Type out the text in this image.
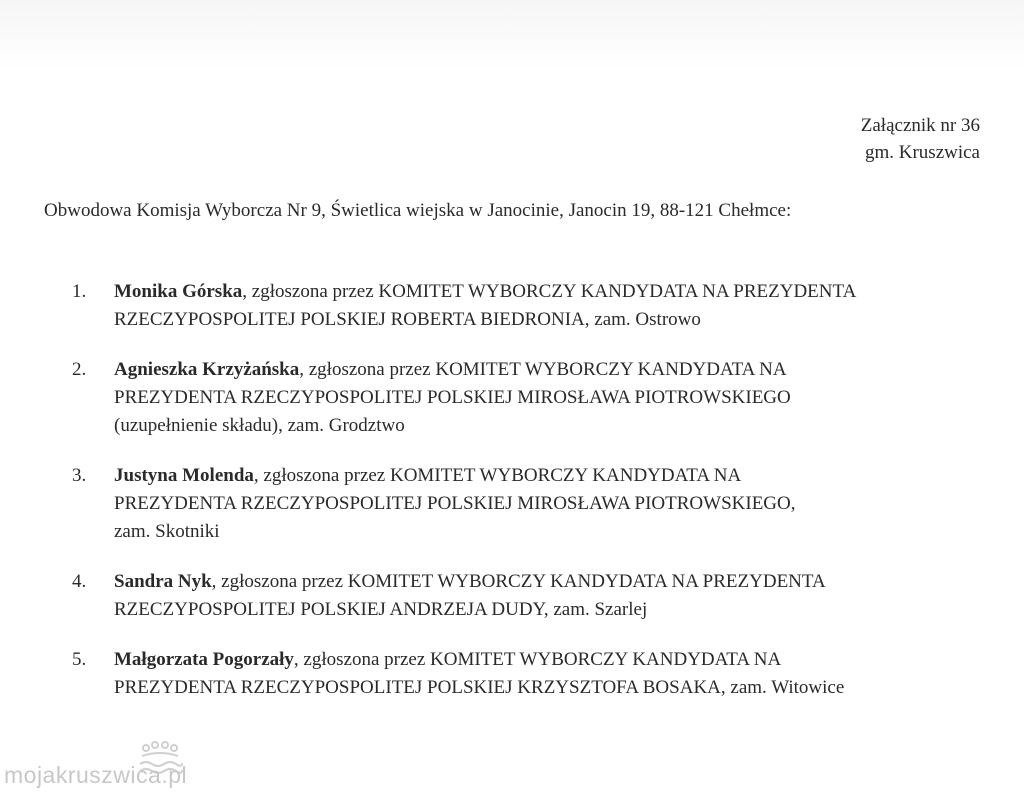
Załącznik nr 36
gm. Kruszwica
Obwodowa Komisja Wyborcza Nr 9, Świetlica wiejska w Janocinie, Janocin 19, 88-121 Chełmce:
1.	Monika Górska, zgłoszona przez KOMITET WYBORCZY KANDYDATA NA PREZYDENTA
RZECZYPOSPOLITEJ POLSKIEJ ROBERTA BIEDRONIA, zam. Ostrowo
2.	Agnieszka Krzyżańska, zgłoszona przez KOMITET WYBORCZY KANDYDATA NA
PREZYDENTA RZECZYPOSPOLITEJ POLSKIEJ MIROSŁAWA PIOTROWSKIEGO
(uzupełnienie składu), zam. Grodztwo
3.	Justyna Molenda, zgłoszona przez KOMITET WYBORCZY KANDYDATA NA
PREZYDENTA RZECZYPOSPOLITEJ POLSKIEJ MIROSŁAWA PIOTROWSKIEGO,
zam. Skotniki
4.	Sandra Nyk, zgłoszona przez KOMITET WYBORCZY KANDYDATA NA PREZYDENTA
RZECZYPOSPOLITEJ POLSKIEJ ANDRZEJA DUDY, zam. Szarlej
5.	Małgorzata Pogorzały, zgłoszona przez KOMITET WYBORCZY KANDYDATA NA
PREZYDENTA RZECZYPOSPOLITEJ POLSKIEJ KRZYSZTOFA BOSAKA, zam. Witowice
mojakruszwica.pl
